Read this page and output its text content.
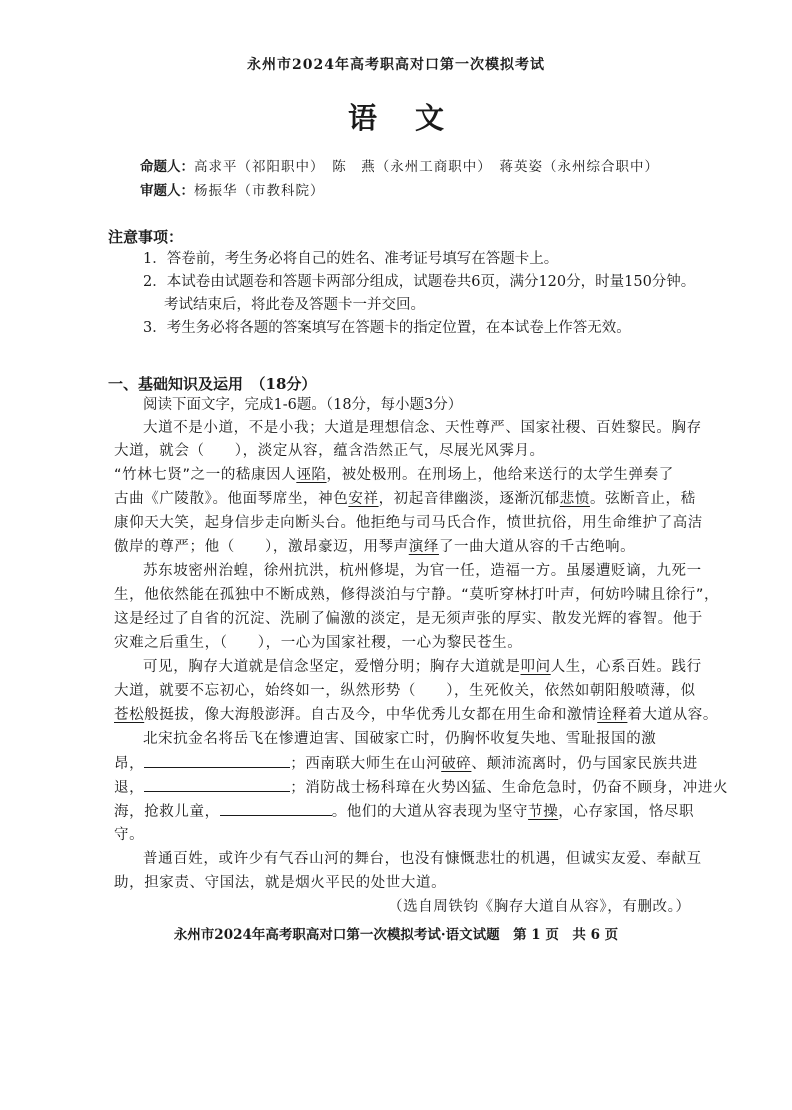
永州市2024年高考职高对口第一次模拟考试
语文
命题人：高求平（祁阳职中）　陈　燕（永州工商职中）　蒋英姿（永州综合职中）
审题人：杨振华（市教科院）
注意事项：
1．答卷前，考生务必将自己的姓名、准考证号填写在答题卡上。
2．本试卷由试题卷和答题卡两部分组成，试题卷共6页，满分120分，时量150分钟。
考试结束后，将此卷及答题卡一并交回。
3．考生务必将各题的答案填写在答题卡的指定位置，在本试卷上作答无效。
一、基础知识及运用　（18分）
阅读下面文字，完成1-6题。（18分，每小题3分）
大道不是小道，不是小我；大道是理想信念、天性尊严、国家社稷、百姓黎民。胸存
大道，就会（　　），淡定从容，蕴含浩然正气，尽展光风霁月。
“竹林七贤”之一的嵇康因人诬陷，被处极刑。在刑场上，他给来送行的太学生弹奏了
古曲《广陵散》。他面琴席坐，神色安祥，初起音律幽淡，逐渐沉郁悲愤。弦断音止，嵇
康仰天大笑，起身信步走向断头台。他拒绝与司马氏合作，愤世抗俗，用生命维护了高洁
傲岸的尊严；他（　　），激昂豪迈，用琴声演绎了一曲大道从容的千古绝响。
苏东坡密州治蝗，徐州抗洪，杭州修堤，为官一任，造福一方。虽屡遭贬谪，九死一
生，他依然能在孤独中不断成熟，修得淡泊与宁静。“莫听穿林打叶声，何妨吟啸且徐行”，
这是经过了自省的沉淀、洗刷了偏激的淡定，是无须声张的厚实、散发光辉的睿智。他于
灾难之后重生，（　　），一心为国家社稷，一心为黎民苍生。
可见，胸存大道就是信念坚定，爱憎分明；胸存大道就是叩问人生，心系百姓。践行
大道，就要不忘初心，始终如一，纵然形势（　　），生死攸关，依然如朝阳般喷薄，似
苍松般挺拔，像大海般澎湃。自古及今，中华优秀儿女都在用生命和激情诠释着大道从容。
北宋抗金名将岳飞在惨遭迫害、国破家亡时，仍胸怀收复失地、雪耻报国的激
昂，	；西南联大师生在山河破碎、颠沛流离时，仍与国家民族共进
退，	；消防战士杨科璋在火势凶猛、生命危急时，仍奋不顾身，冲进火
海，抢救儿童，	。他们的大道从容表现为坚守节操，心存家国，恪尽职
守。
普通百姓，或许少有气吞山河的舞台，也没有慷慨悲壮的机遇，但诚实友爱、奉献互
助，担家责、守国法，就是烟火平民的处世大道。
（选自周铁钧《胸存大道自从容》，有删改。）
永州市2024年高考职高对口第一次模拟考试·语文试题　第 1 页　共 6 页
